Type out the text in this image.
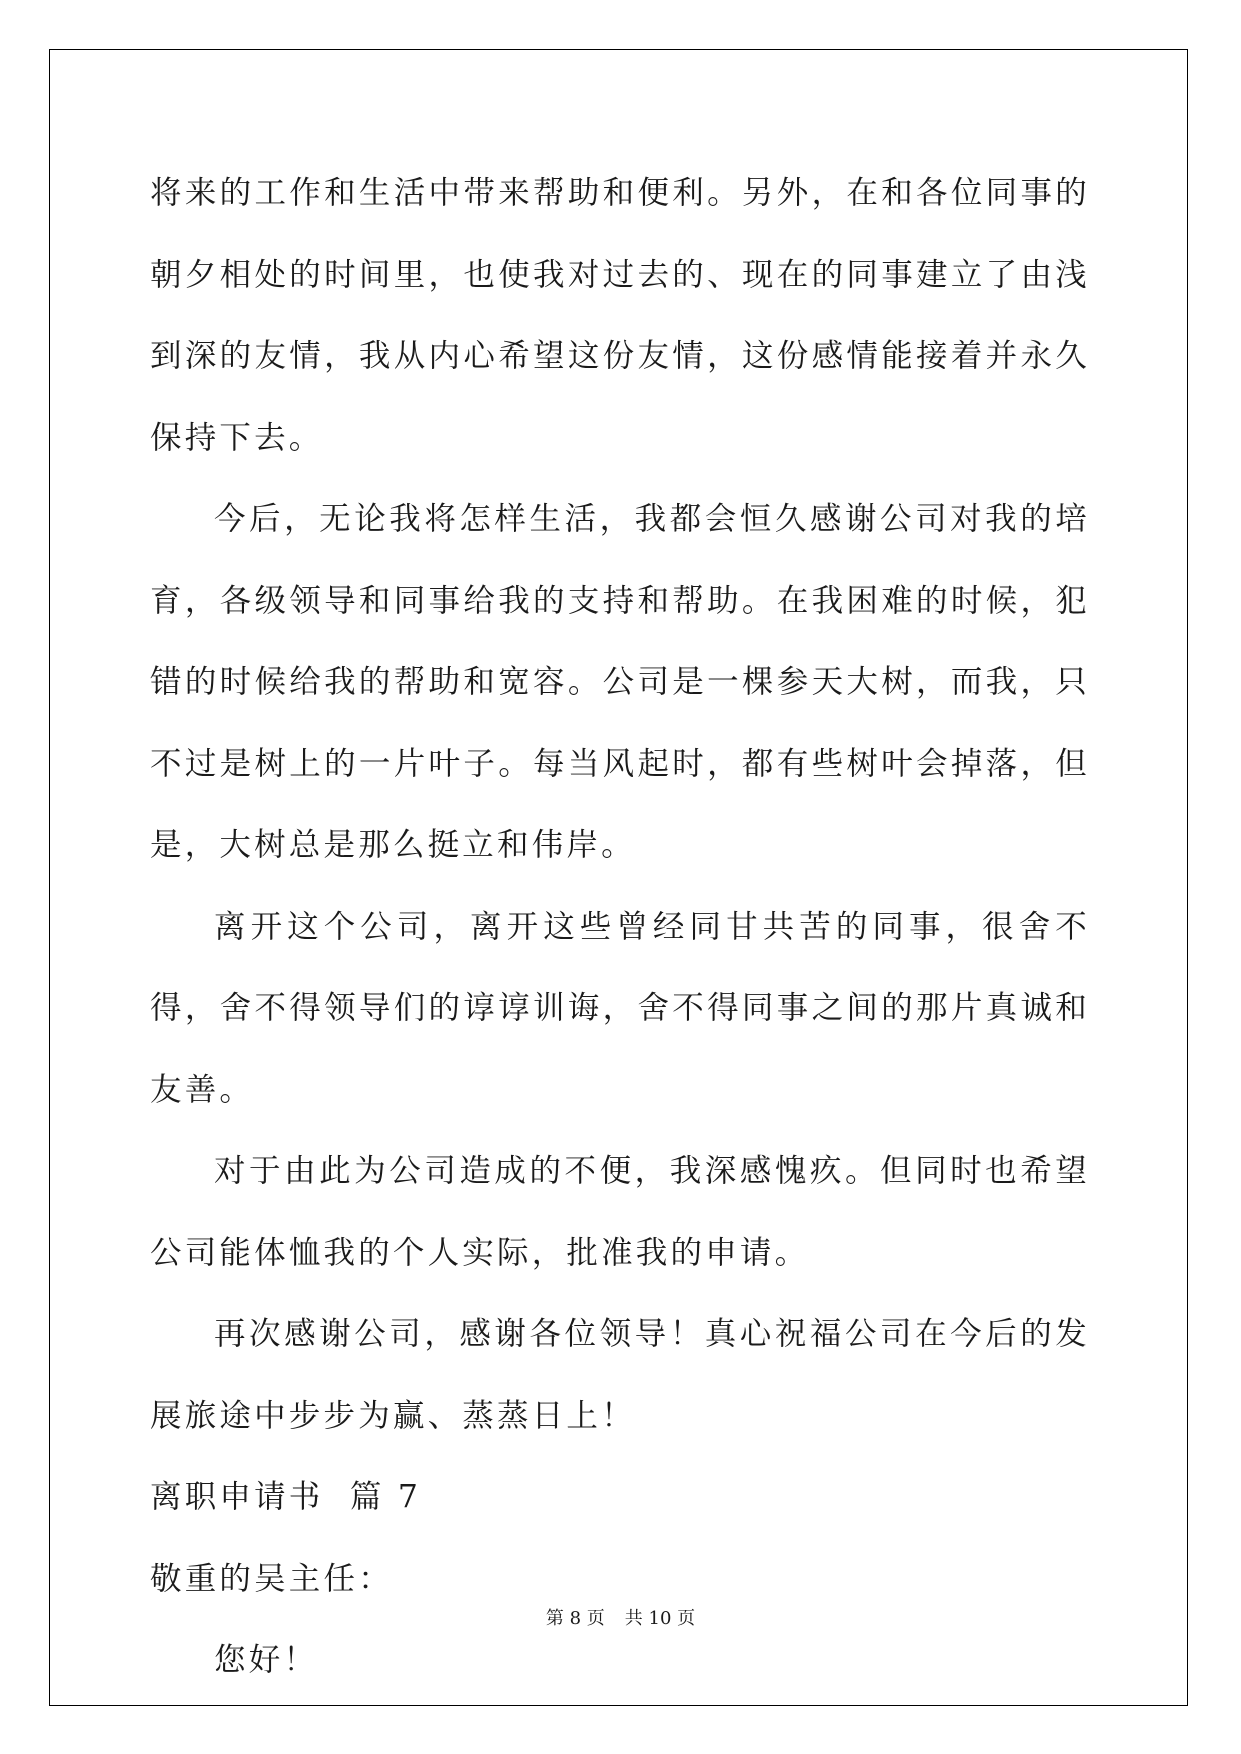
将来的工作和生活中带来帮助和便利。另外，在和各位同事的朝夕相处的时间里，也使我对过去的、现在的同事建立了由浅到深的友情，我从内心希望这份友情，这份感情能接着并永久保持下去。

今后，无论我将怎样生活，我都会恒久感谢公司对我的培育，各级领导和同事给我的支持和帮助。在我困难的时候，犯错的时候给我的帮助和宽容。公司是一棵参天大树，而我，只不过是树上的一片叶子。每当风起时，都有些树叶会掉落，但是，大树总是那么挺立和伟岸。

离开这个公司，离开这些曾经同甘共苦的同事，很舍不得，舍不得领导们的谆谆训诲，舍不得同事之间的那片真诚和友善。

对于由此为公司造成的不便，我深感愧疚。但同时也希望公司能体恤我的个人实际，批准我的申请。

再次感谢公司，感谢各位领导！真心祝福公司在今后的发展旅途中步步为赢、蒸蒸日上！

离职申请书  篇 7

敬重的吴主任：

您好！

第 8 页 共 10 页
